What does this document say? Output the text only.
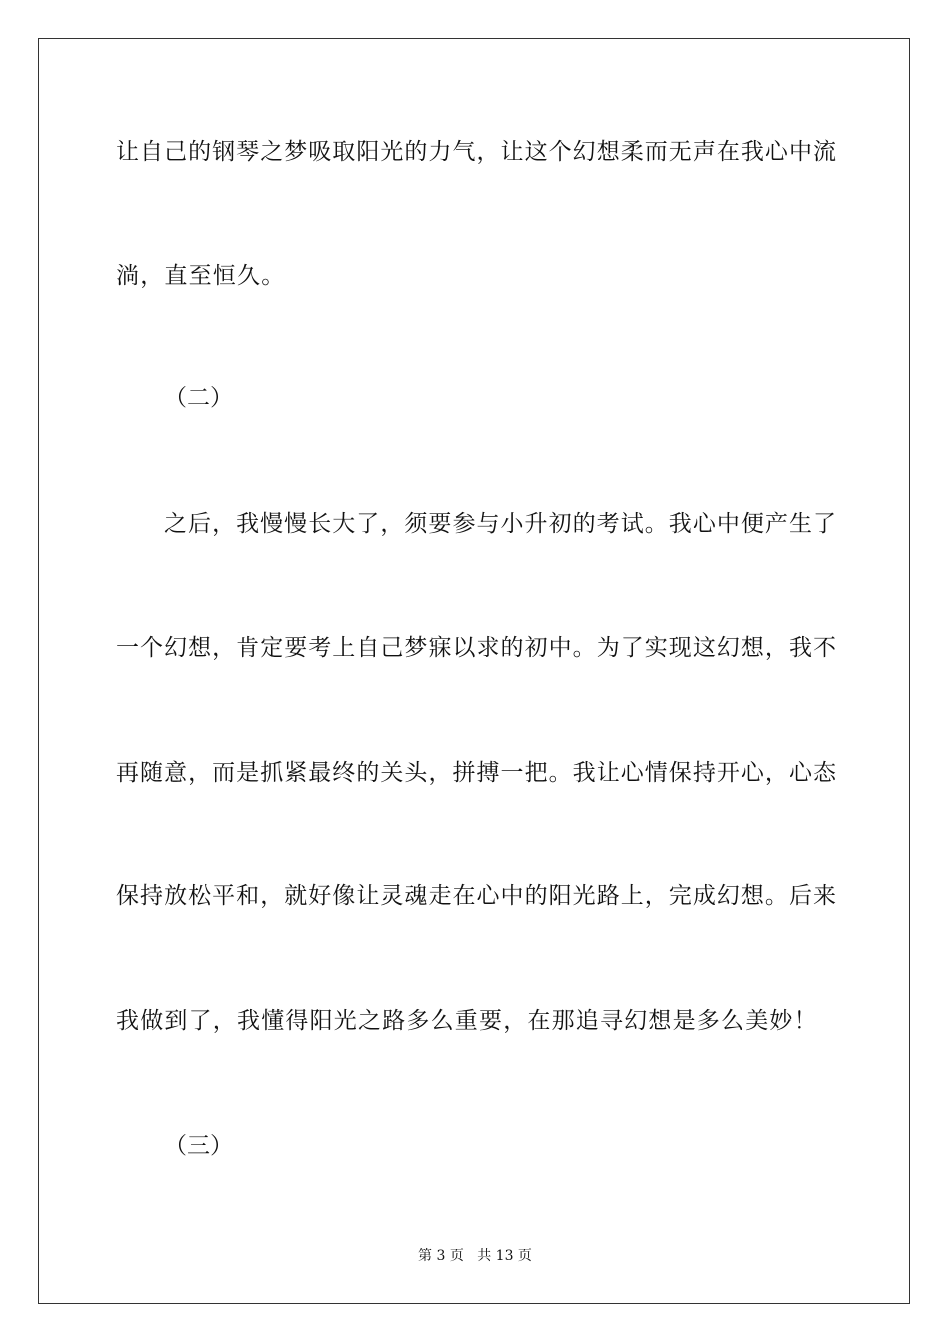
让自己的钢琴之梦吸取阳光的力气，让这个幻想柔而无声在我心中流
淌，直至恒久。
（二）
之后，我慢慢长大了，须要参与小升初的考试。我心中便产生了
一个幻想，肯定要考上自己梦寐以求的初中。为了实现这幻想，我不
再随意，而是抓紧最终的关头，拼搏一把。我让心情保持开心，心态
保持放松平和，就好像让灵魂走在心中的阳光路上，完成幻想。后来
我做到了，我懂得阳光之路多么重要，在那追寻幻想是多么美妙！
（三）
第 3 页 共 13 页
